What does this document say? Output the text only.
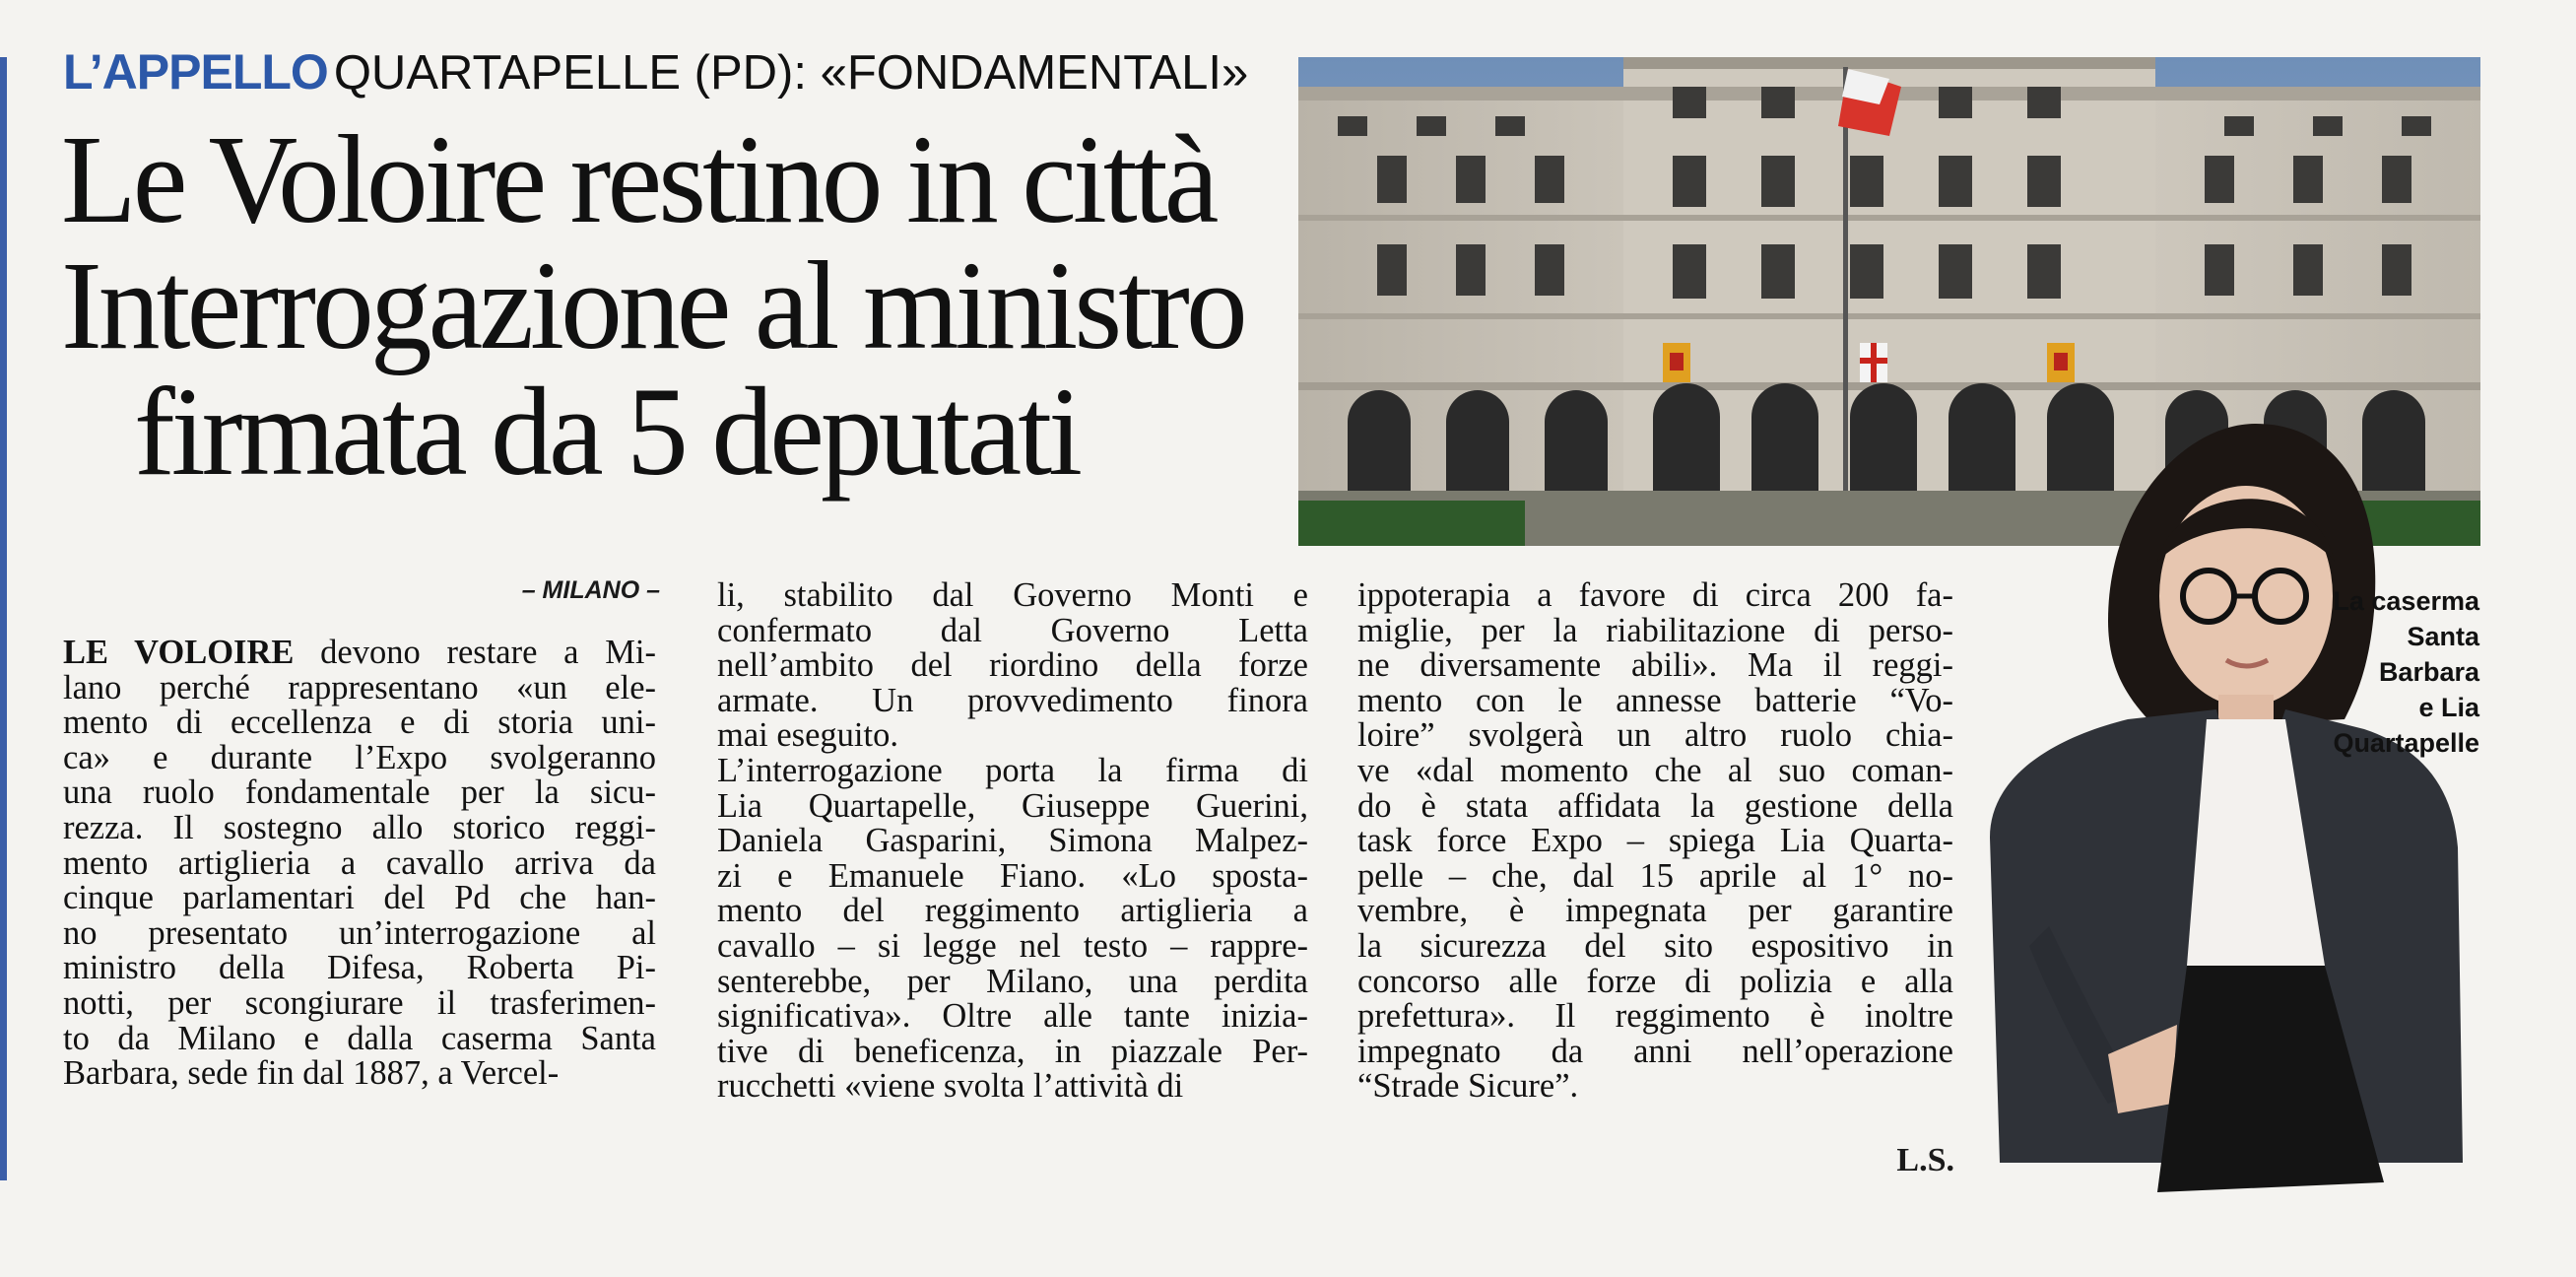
L’APPELLO QUARTAPELLE (PD): «FONDAMENTALI»
Le Voloire restino in città
Interrogazione al ministro
firmata da 5 deputati
La caserma
Santa
Barbara
e Lia
Quartapelle
– MILANO –
LE VOLOIRE devono restare a Mi-
lano perché rappresentano «un ele-
mento di eccellenza e di storia uni-
ca» e durante l’Expo svolgeranno
una ruolo fondamentale per la sicu-
rezza. Il sostegno allo storico reggi-
mento artiglieria a cavallo arriva da
cinque parlamentari del Pd che han-
no presentato un’interrogazione al
ministro della Difesa, Roberta Pi-
notti, per scongiurare il trasferimen-
to da Milano e dalla caserma Santa
Barbara, sede fin dal 1887, a Vercel-
li, stabilito dal Governo Monti e
confermato dal Governo Letta
nell’ambito del riordino della forze
armate. Un provvedimento finora
mai eseguito.
L’interrogazione porta la firma di
Lia Quartapelle, Giuseppe Guerini,
Daniela Gasparini, Simona Malpez-
zi e Emanuele Fiano. «Lo sposta-
mento del reggimento artiglieria a
cavallo – si legge nel testo – rappre-
senterebbe, per Milano, una perdita
significativa». Oltre alle tante inizia-
tive di beneficenza, in piazzale Per-
rucchetti «viene svolta l’attività di
ippoterapia a favore di circa 200 fa-
miglie, per la riabilitazione di perso-
ne diversamente abili». Ma il reggi-
mento con le annesse batterie “Vo-
loire” svolgerà un altro ruolo chia-
ve «dal momento che al suo coman-
do è stata affidata la gestione della
task force Expo – spiega Lia Quarta-
pelle – che, dal 15 aprile al 1° no-
vembre, è impegnata per garantire
la sicurezza del sito espositivo in
concorso alle forze di polizia e alla
prefettura». Il reggimento è inoltre
impegnato da anni nell’operazione
“Strade Sicure”.
L.S.
